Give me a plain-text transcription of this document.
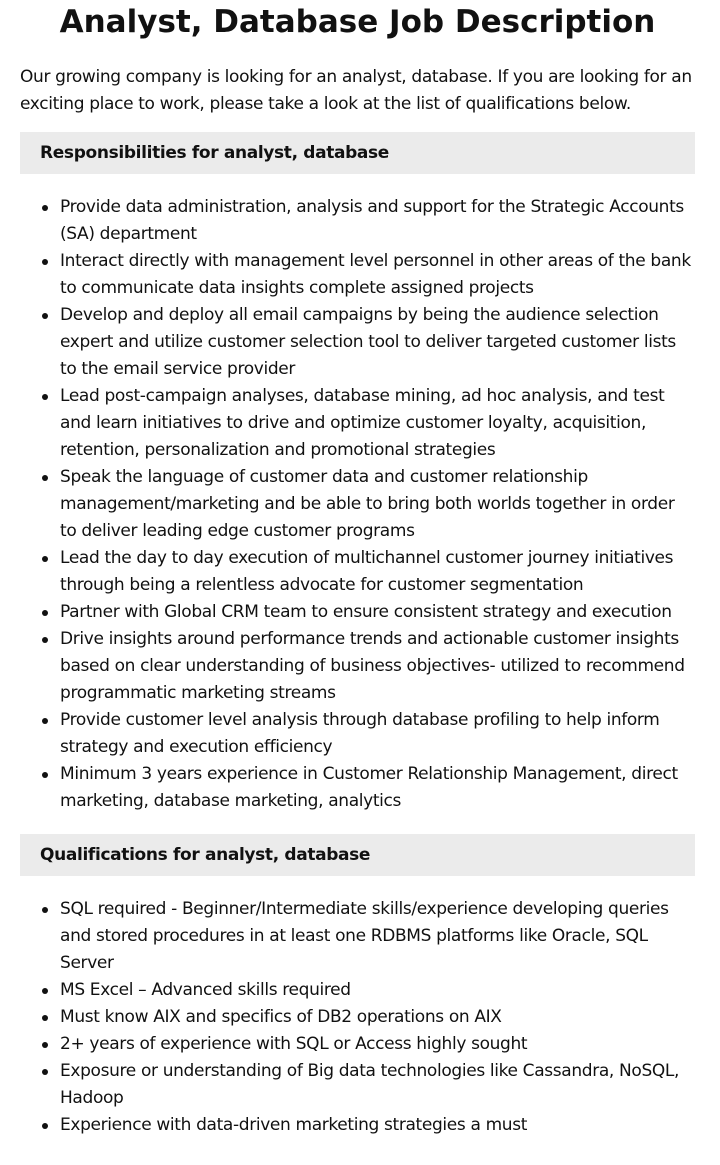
Analyst, Database Job Description

Our growing company is looking for an analyst, database. If you are looking for an exciting place to work, please take a look at the list of qualifications below.

Responsibilities for analyst, database
Provide data administration, analysis and support for the Strategic Accounts (SA) department
Interact directly with management level personnel in other areas of the bank to communicate data insights complete assigned projects
Develop and deploy all email campaigns by being the audience selection expert and utilize customer selection tool to deliver targeted customer lists to the email service provider
Lead post-campaign analyses, database mining, ad hoc analysis, and test and learn initiatives to drive and optimize customer loyalty, acquisition, retention, personalization and promotional strategies
Speak the language of customer data and customer relationship management/marketing and be able to bring both worlds together in order to deliver leading edge customer programs
Lead the day to day execution of multichannel customer journey initiatives through being a relentless advocate for customer segmentation
Partner with Global CRM team to ensure consistent strategy and execution
Drive insights around performance trends and actionable customer insights based on clear understanding of business objectives- utilized to recommend programmatic marketing streams
Provide customer level analysis through database profiling to help inform strategy and execution efficiency
Minimum 3 years experience in Customer Relationship Management, direct marketing, database marketing, analytics
Qualifications for analyst, database
SQL required - Beginner/Intermediate skills/experience developing queries and stored procedures in at least one RDBMS platforms like Oracle, SQL Server
MS Excel – Advanced skills required
Must know AIX and specifics of DB2 operations on AIX
2+ years of experience with SQL or Access highly sought
Exposure or understanding of Big data technologies like Cassandra, NoSQL, Hadoop
Experience with data-driven marketing strategies a must
